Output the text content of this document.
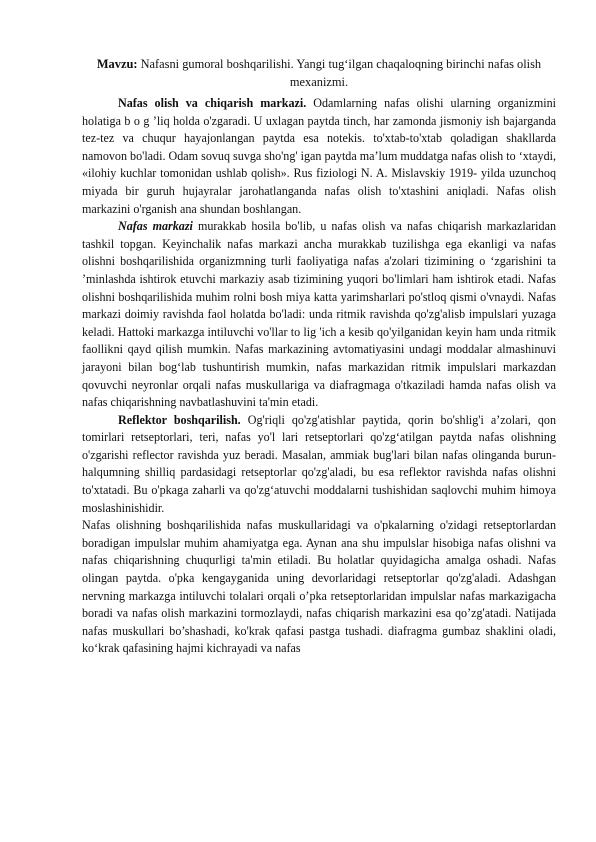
Mavzu: Nafasni gumoral boshqarilishi. Yangi tug‘ilgan chaqaloqning birinchi nafas olish mexanizmi.

Nafas olish va chiqarish markazi. Odamlarning nafas olishi ularning organizmini holatiga b o g ’liq holda o'zgaradi. U uxlagan paytda tinch, har zamonda jismoniy ish bajarganda tez-tez va chuqur hayajonlangan paytda esa notekis. to'xtab-to'xtab qoladigan shakllarda namovon bo'ladi. Odam sovuq suvga sho'ng' igan paytda ma’lum muddatga nafas olish to ‘xtaydi, «ilohiy kuchlar tomonidan ushlab qolish». Rus fiziologi N. A. Mislavskiy 1919- yilda uzunchoq miyada bir guruh hujayralar jarohatlanganda nafas olish to'xtashini aniqladi. Nafas olish markazini o'rganish ana shundan boshlangan.

Nafas markazi murakkab hosila bo'lib, u nafas olish va nafas chiqarish markazlaridan tashkil topgan. Keyinchalik nafas markazi ancha murakkab tuzilishga ega ekanligi va nafas olishni boshqarilishida organizmning turli faoliyatiga nafas a'zolari tizimining o ‘zgarishini ta ’minlashda ishtirok etuvchi markaziy asab tizimining yuqori bo'limlari ham ishtirok etadi. Nafas olishni boshqarilishida muhim rolni bosh miya katta yarimsharlari po'stloq qismi o'vnaydi. Nafas markazi doimiy ravishda faol holatda bo'ladi: unda ritmik ravishda qo'zg'alisb impulslari yuzaga keladi. Hattoki markazga intiluvchi vo'llar to lig 'ich a kesib qo'yilganidan keyin ham unda ritmik faollikni qayd qilish mumkin. Nafas markazining avtomatiyasini undagi moddalar almashinuvi jarayoni bilan bog‘lab tushuntirish mumkin, nafas markazidan ritmik impulslari markazdan qovuvchi neyronlar orqali nafas muskullariga va diafragmaga o'tkaziladi hamda nafas olish va nafas chiqarishning navbatlashuvini ta'min etadi.

Reflektor boshqarilish. Og'riqli qo'zg'atishlar paytida, qorin bo'shlig'i a’zolari, qon tomirlari retseptorlari, teri, nafas yo'l lari retseptorlari qo'zg‘atilgan paytda nafas olishning o'zgarishi reflector ravishda yuz beradi. Masalan, ammiak bug'lari bilan nafas olinganda burun-halqumning shilliq pardasidagi retseptorlar qo'zg'aladi, bu esa reflektor ravishda nafas olishni to'xtatadi. Bu o'pkaga zaharli va qo'zg‘atuvchi moddalarni tushishidan saqlovchi muhim himoya moslashinishidir.

Nafas olishning boshqarilishida nafas muskullaridagi va o'pkalarning o'zidagi retseptorlardan boradigan impulslar muhim ahamiyatga ega. Aynan ana shu impulslar hisobiga nafas olishni va nafas chiqarishning chuqurligi ta'min etiladi. Bu holatlar quyidagicha amalga oshadi. Nafas olingan paytda. o'pka kengayganida uning devorlaridagi retseptorlar qo'zg'aladi. Adashgan nervning markazga intiluvchi tolalari orqali o’pka retseptorlaridan impulslar nafas markazigacha boradi va nafas olish markazini tormozlaydi, nafas chiqarish markazini esa qo’zg'atadi. Natijada nafas muskullari bo’shashadi, ko'krak qafasi pastga tushadi. diafragma gumbaz shaklini oladi, ko‘krak qafasining hajmi kichrayadi va nafas
